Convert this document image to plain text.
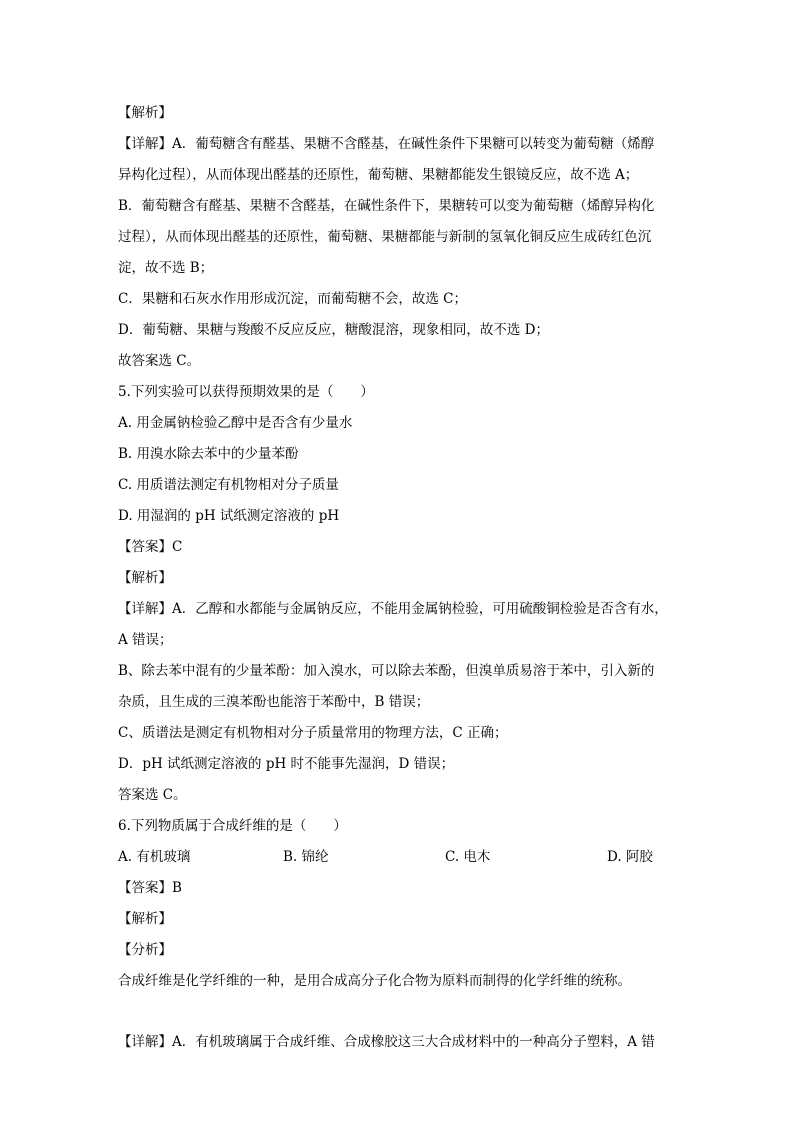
【解析】
【详解】A．葡萄糖含有醛基、果糖不含醛基，在碱性条件下果糖可以转变为葡萄糖（烯醇
异构化过程），从而体现出醛基的还原性，葡萄糖、果糖都能发生银镜反应，故不选 A；
B．葡萄糖含有醛基、果糖不含醛基，在碱性条件下，果糖转可以变为葡萄糖（烯醇异构化
过程），从而体现出醛基的还原性，葡萄糖、果糖都能与新制的氢氧化铜反应生成砖红色沉
淀，故不选 B；
C．果糖和石灰水作用形成沉淀，而葡萄糖不会，故选 C；
D．葡萄糖、果糖与羧酸不反应反应，糖酸混溶，现象相同，故不选 D；
故答案选 C。
5.下列实验可以获得预期效果的是（　　）
A. 用金属钠检验乙醇中是否含有少量水
B. 用溴水除去苯中的少量苯酚
C. 用质谱法测定有机物相对分子质量
D. 用湿润的 pH 试纸测定溶液的 pH
【答案】C
【解析】
【详解】A．乙醇和水都能与金属钠反应，不能用金属钠检验，可用硫酸铜检验是否含有水，
A 错误；
B、除去苯中混有的少量苯酚：加入溴水，可以除去苯酚，但溴单质易溶于苯中，引入新的
杂质，且生成的三溴苯酚也能溶于苯酚中，B 错误；
C、质谱法是测定有机物相对分子质量常用的物理方法，C 正确；
D．pH 试纸测定溶液的 pH 时不能事先湿润，D 错误；
答案选 C。
6.下列物质属于合成纤维的是（　　）
A. 有机玻璃	B. 锦纶	C. 电木	D. 阿胶
【答案】B
【解析】
【分析】
合成纤维是化学纤维的一种，是用合成高分子化合物为原料而制得的化学纤维的统称。
【详解】A．有机玻璃属于合成纤维、合成橡胶这三大合成材料中的一种高分子塑料，A 错
